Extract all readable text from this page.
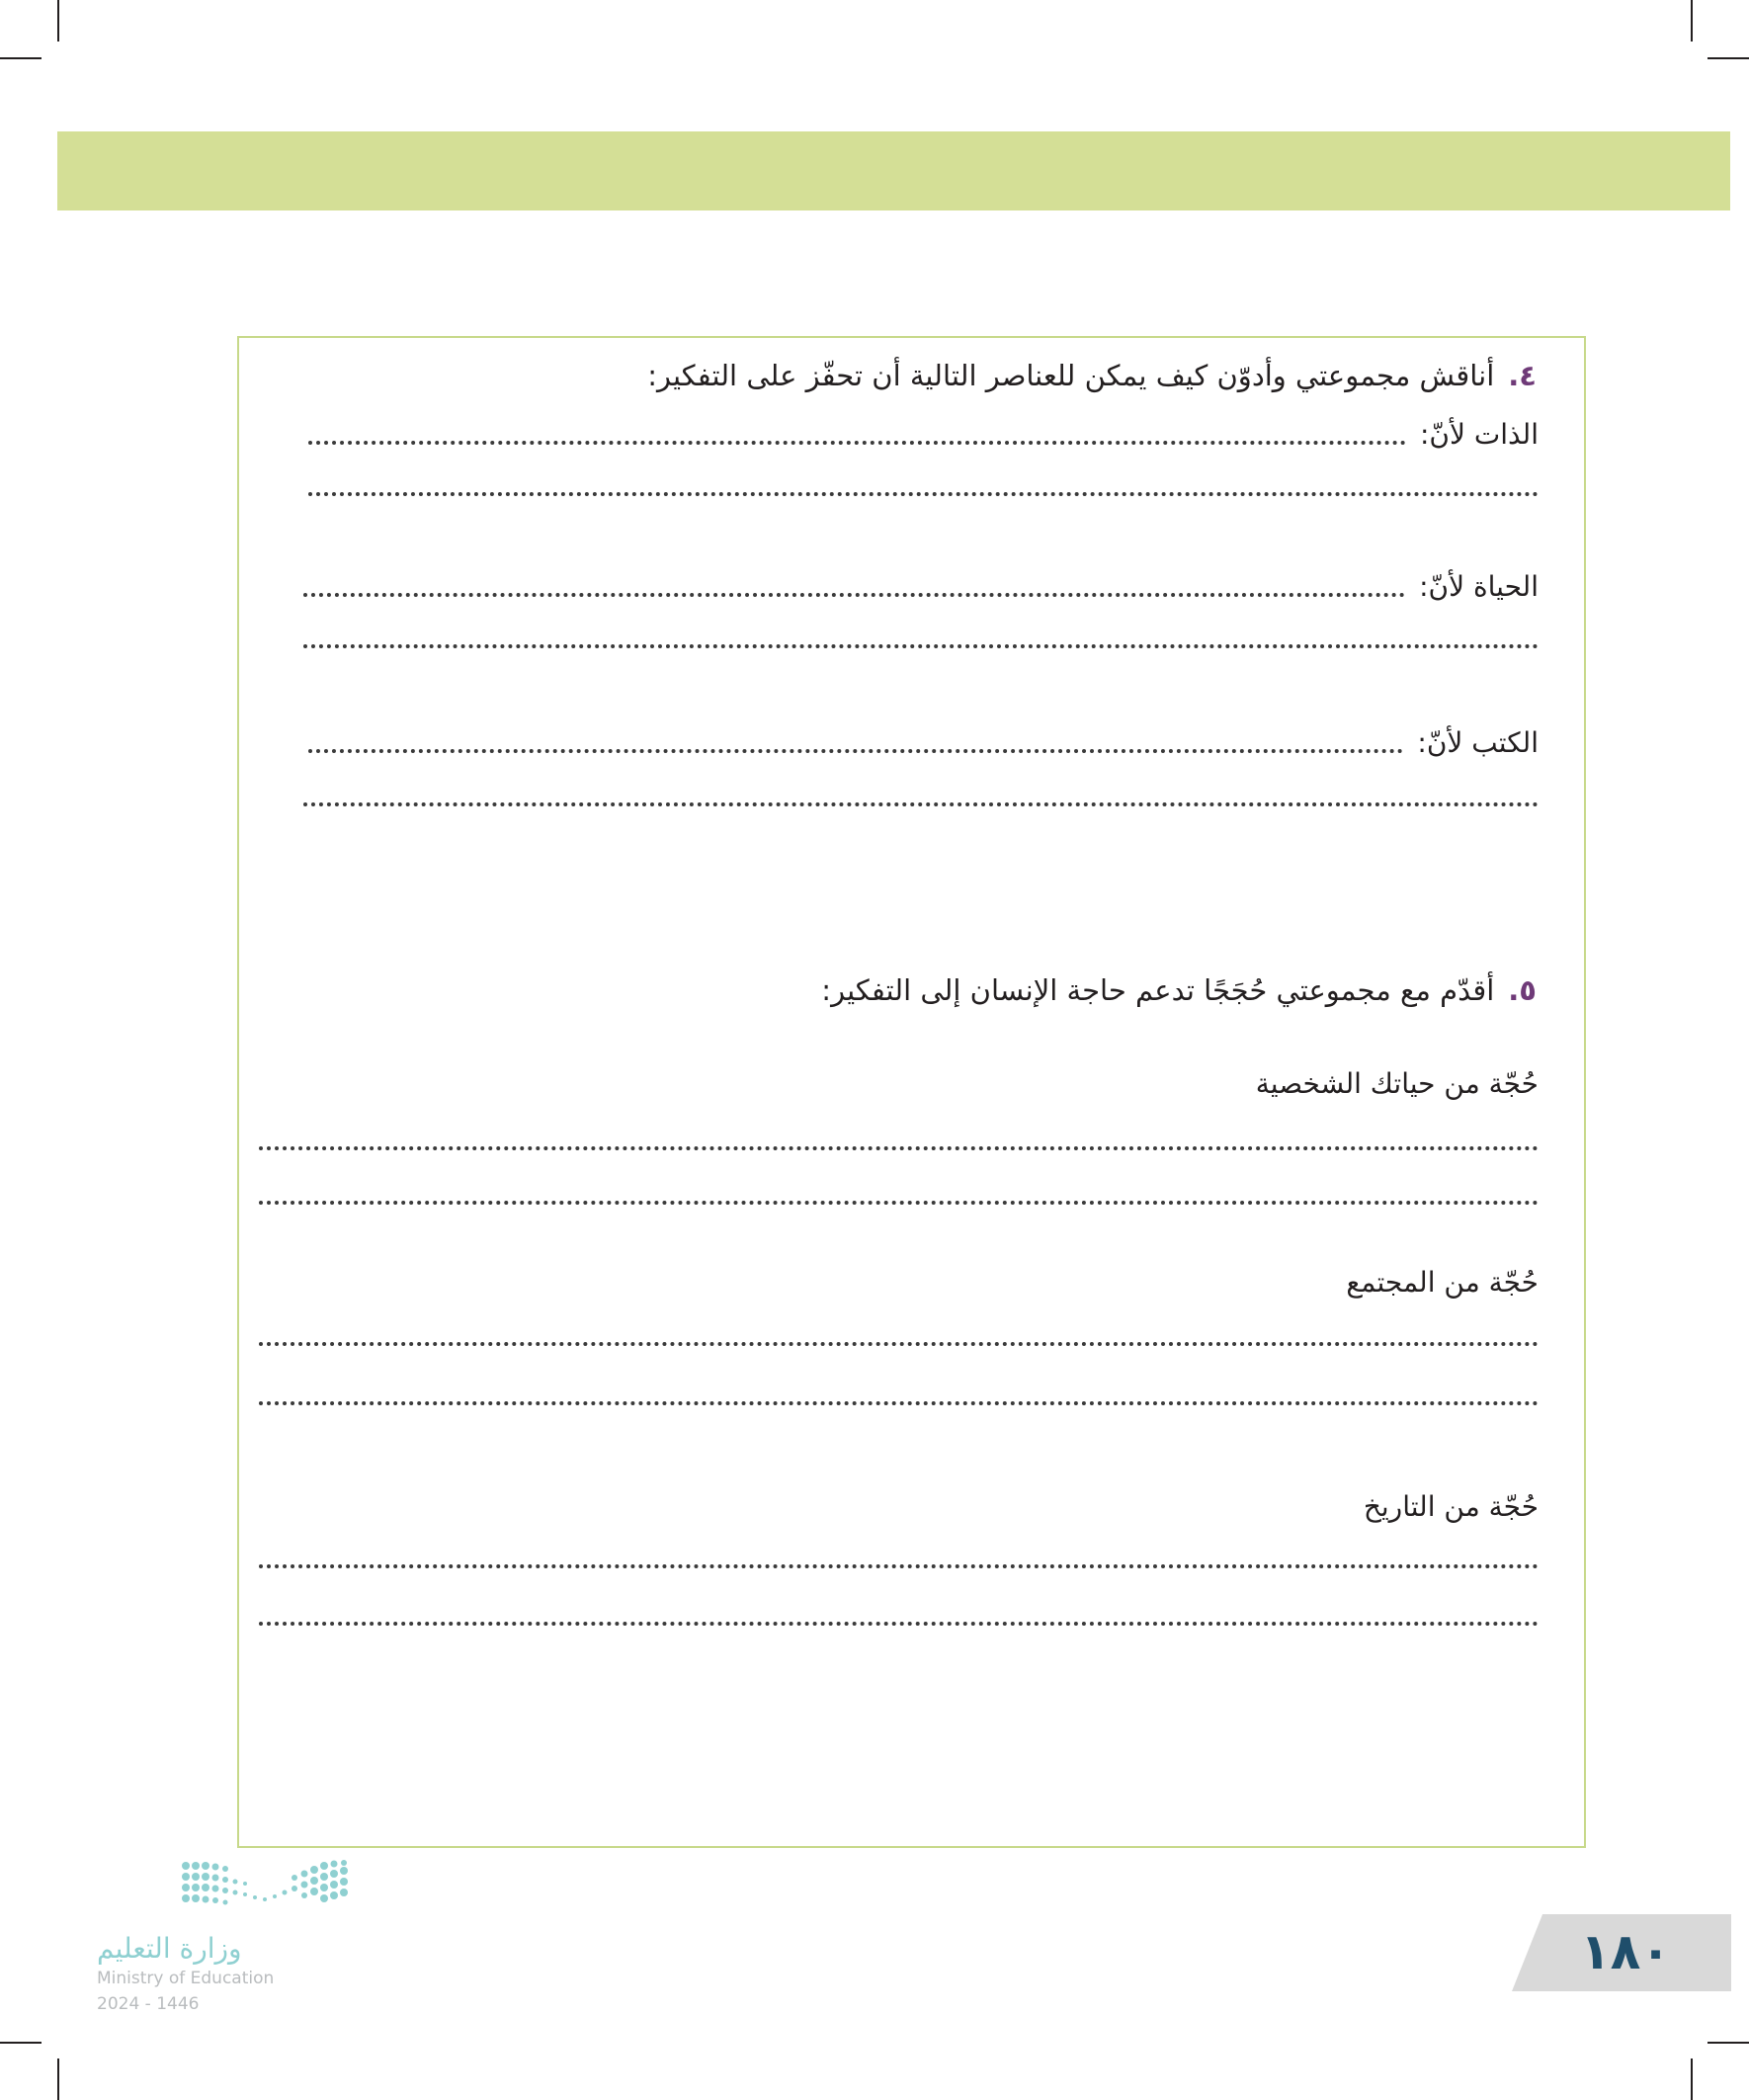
٤.أناقش مجموعتي وأدوّن كيف يمكن للعناصر التالية أن تحفّز على التفكير:
الذات لأنّ:
الحياة لأنّ:
الكتب لأنّ:
٥.أقدّم مع مجموعتي حُجَجًا تدعم حاجة الإنسان إلى التفكير:
حُجّة من حياتك الشخصية
حُجّة من المجتمع
حُجّة من التاريخ
١٨٠
وزارة التعليم
Ministry of Education
2024 - 1446
